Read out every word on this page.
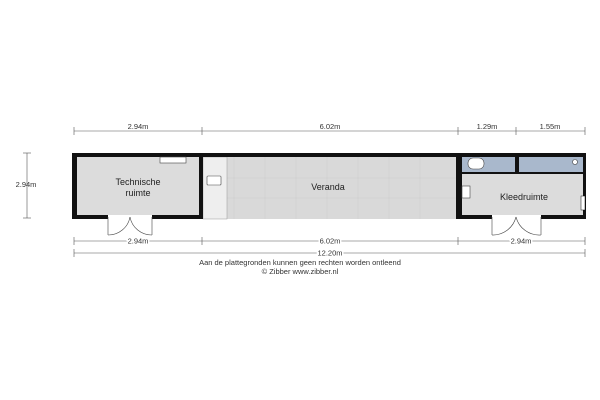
2.94m	6.02m	1.29m	1.55m
2.94m	Technische
ruimte
Veranda
Kleedruimte
2.94m	6.02m	2.94m
12.20m
Aan de plattegronden kunnen geen rechten worden ontleend
© Zibber www.zibber.nl
